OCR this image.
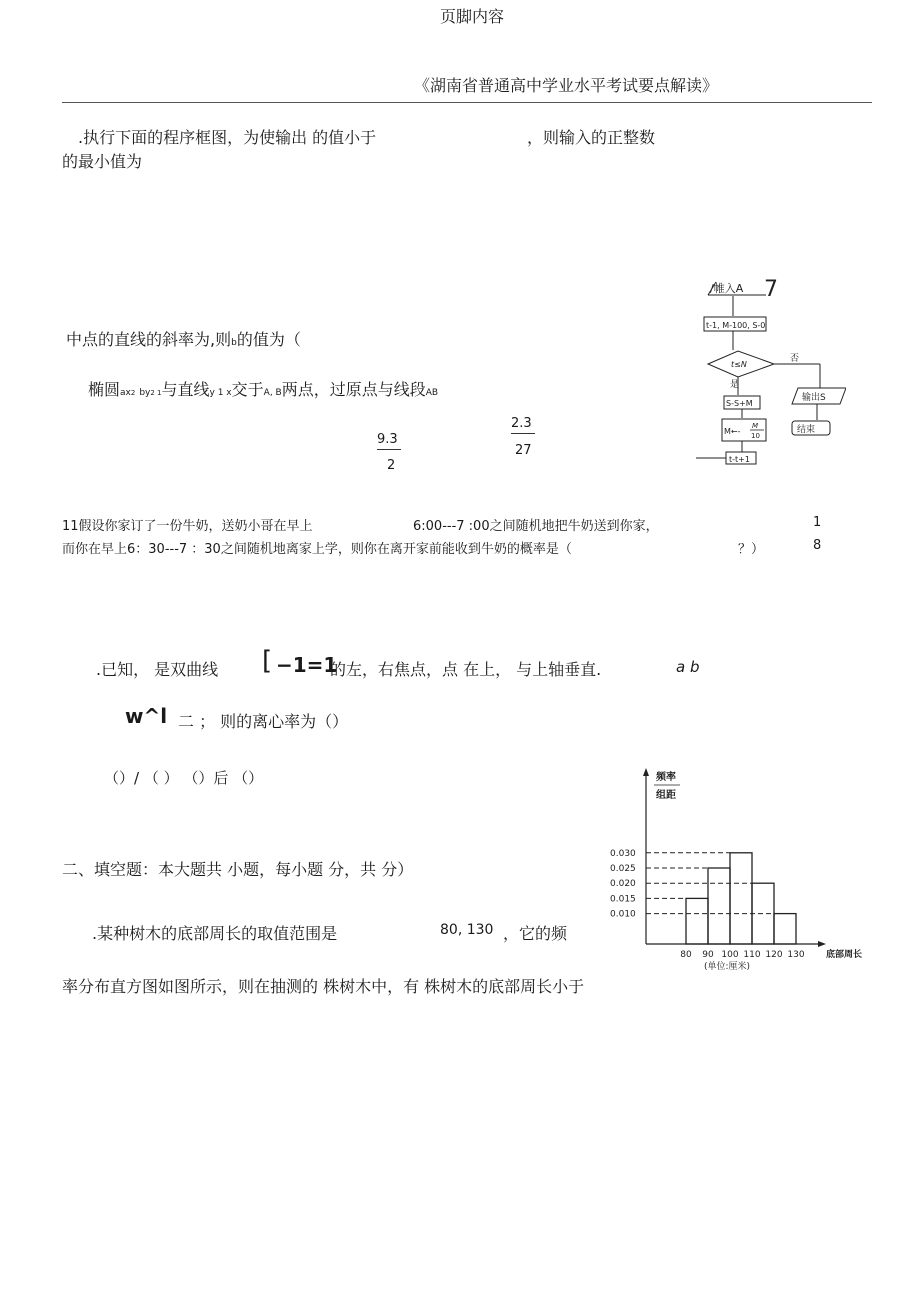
页脚内容
《湖南省普通高中学业水平考试要点解读》
.执行下面的程序框图，为使输出 的值小于	，则输入的正整数
的最小值为
中点的直线的斜率为,则b的值为（
椭圆ax2 by2 1与直线y 1 x交于A, B两点，过原点与线段AB
9.3
2
2.3
27
/帷入A 7
t-1, M-100, S-0
t≤N
否
是
输出S
结束
S-S+M
M←-
M
10
t-t+1
11假设你家订了一份牛奶，送奶小哥在早上	6:00---7 :00之间随机地把牛奶送到你家，	1
而你在早上6：30---7 ：30之间随机地离家上学，则你在离开家前能收到牛奶的概率是（	？）	8
.已知， 是双曲线 [ −1=1
的左，右焦点，点 在上， 与上轴垂直.	a b
w^l 二 ； 则的离心率为（）
（）/ （ ） （）后 （）
二、填空题：本大题共 小题，每小题 分，共 分）
.某种树木的底部周长的取值范围是	80, 130 ，它的频
率分布直方图如图所示，则在抽测的 株树木中，有 株树木的底部周长小于
频率
组距
0.010
0.015
0.020
0.025
0.030
80 90 100 110 120 130 底部周长
(单位:厘米)
